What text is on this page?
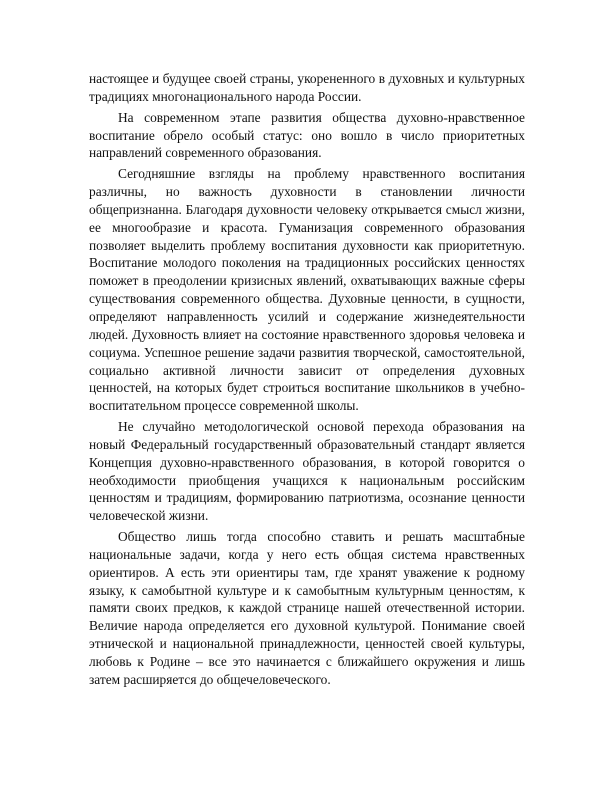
настоящее и будущее своей страны, укорененного в духовных и культурных традициях многонационального народа России.

На современном этапе развития общества духовно-нравственное воспитание обрело особый статус: оно вошло в число приоритетных направлений современного образования.

Сегодняшние взгляды на проблему нравственного воспитания различны, но важность духовности в становлении личности общепризнанна. Благодаря духовности человеку открывается смысл жизни, ее многообразие и красота. Гуманизация современного образования позволяет выделить проблему воспитания духовности как приоритетную. Воспитание молодого поколения на традиционных российских ценностях поможет в преодолении кризисных явлений, охватывающих важные сферы существования современного общества. Духовные ценности, в сущности, определяют направленность усилий и содержание жизнедеятельности людей. Духовность влияет на состояние нравственного здоровья человека и социума. Успешное решение задачи развития творческой, самостоятельной, социально активной личности зависит от определения духовных ценностей, на которых будет строиться воспитание школьников в учебно-воспитательном процессе современной школы.

Не случайно методологической основой перехода образования на новый Федеральный государственный образовательный стандарт является Концепция духовно-нравственного образования, в которой говорится о необходимости приобщения учащихся к национальным российским ценностям и традициям, формированию патриотизма, осознание ценности человеческой жизни.

Общество лишь тогда способно ставить и решать масштабные национальные задачи, когда у него есть общая система нравственных ориентиров. А есть эти ориентиры там, где хранят уважение к родному языку, к самобытной культуре и к самобытным культурным ценностям, к памяти своих предков, к каждой странице нашей отечественной истории. Величие народа определяется его духовной культурой. Понимание своей этнической и национальной принадлежности, ценностей своей культуры, любовь к Родине – все это начинается с ближайшего окружения и лишь затем расширяется до общечеловеческого.
